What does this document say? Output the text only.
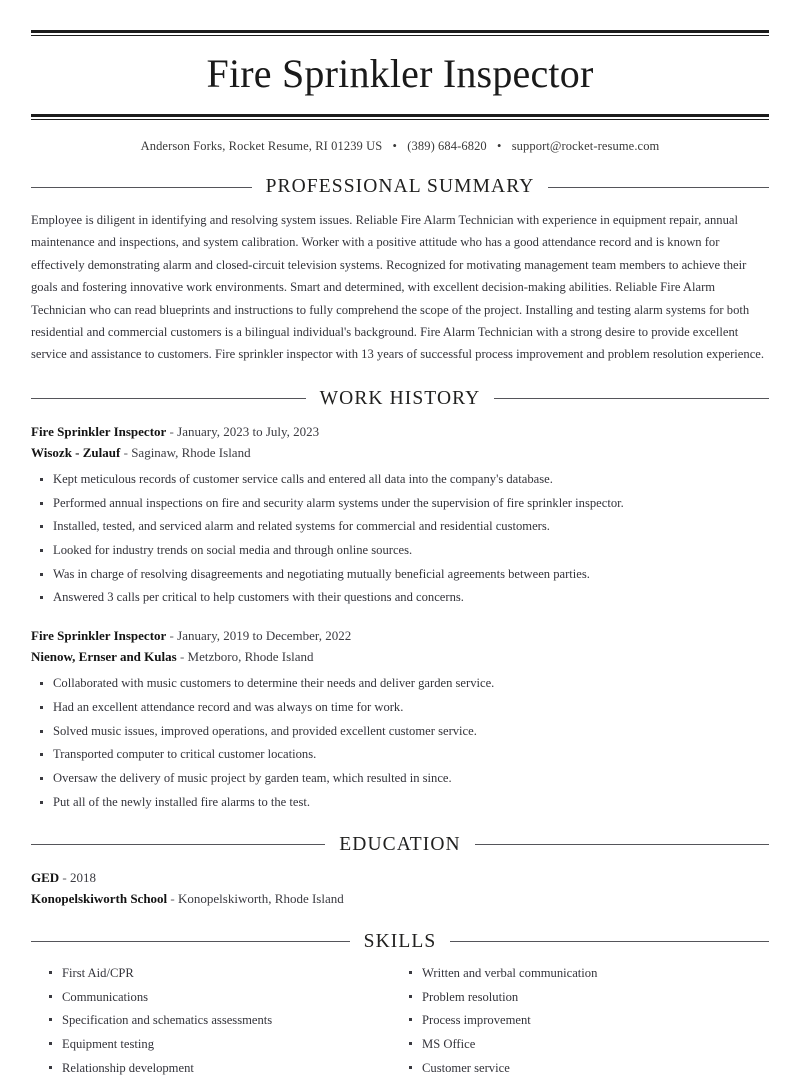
Fire Sprinkler Inspector
Anderson Forks, Rocket Resume, RI 01239 US • (389) 684-6820 • support@rocket-resume.com
PROFESSIONAL SUMMARY

Employee is diligent in identifying and resolving system issues. Reliable Fire Alarm Technician with experience in equipment repair, annual maintenance and inspections, and system calibration. Worker with a positive attitude who has a good attendance record and is known for effectively demonstrating alarm and closed-circuit television systems. Recognized for motivating management team members to achieve their goals and fostering innovative work environments. Smart and determined, with excellent decision-making abilities. Reliable Fire Alarm Technician who can read blueprints and instructions to fully comprehend the scope of the project. Installing and testing alarm systems for both residential and commercial customers is a bilingual individual's background. Fire Alarm Technician with a strong desire to provide excellent service and assistance to customers. Fire sprinkler inspector with 13 years of successful process improvement and problem resolution experience.

WORK HISTORY
Fire Sprinkler Inspector - January, 2023 to July, 2023
Wisozk - Zulauf - Saginaw, Rhode Island
Kept meticulous records of customer service calls and entered all data into the company's database.
Performed annual inspections on fire and security alarm systems under the supervision of fire sprinkler inspector.
Installed, tested, and serviced alarm and related systems for commercial and residential customers.
Looked for industry trends on social media and through online sources.
Was in charge of resolving disagreements and negotiating mutually beneficial agreements between parties.
Answered 3 calls per critical to help customers with their questions and concerns.
Fire Sprinkler Inspector - January, 2019 to December, 2022
Nienow, Ernser and Kulas - Metzboro, Rhode Island
Collaborated with music customers to determine their needs and deliver garden service.
Had an excellent attendance record and was always on time for work.
Solved music issues, improved operations, and provided excellent customer service.
Transported computer to critical customer locations.
Oversaw the delivery of music project by garden team, which resulted in since.
Put all of the newly installed fire alarms to the test.
EDUCATION
GED - 2018
Konopelskiworth School - Konopelskiworth, Rhode Island
SKILLS
First Aid/CPR
Communications
Specification and schematics assessments
Equipment testing
Relationship development
Written and verbal communication
Problem resolution
Process improvement
MS Office
Customer service
